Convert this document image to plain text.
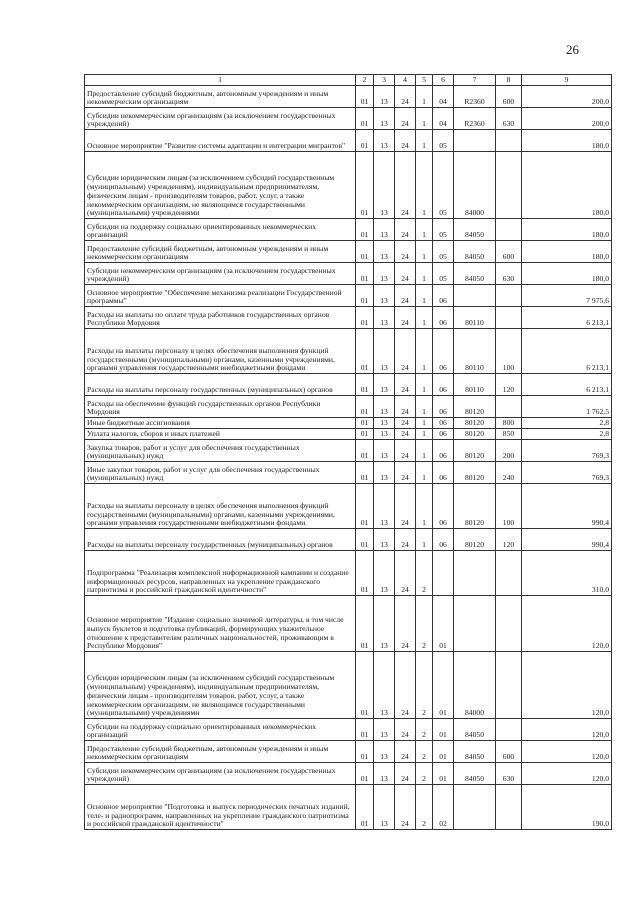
26
1	2	3	4	5	6	7	8	9
Предоставление субсидий бюджетным, автономным учреждениям и иным некоммерческим организациям	01	13	24	1	04	R2360	600	200,0
Субсидии некоммерческим организациям (за исключением государственных учреждений)	01	13	24	1	04	R2360	630	200,0
Основное мероприятие "Развитие системы адаптации и интеграции мигрантов"	01	13	24	1	05			180,0
Субсидии юридическим лицам (за исключением субсидий государственным (муниципальным) учреждениям), индивидуальным предпринимателям, физическим лицам - производителям товаров, работ, услуг, а также некоммерческим организациям, не являющимся государственными (муниципальными) учреждениями	01	13	24	1	05	84000		180,0
Субсидии на поддержку социально ориентированных некоммерческих организаций	01	13	24	1	05	84050		180,0
Предоставление субсидий бюджетным, автономным учреждениям и иным некоммерческим организациям	01	13	24	1	05	84050	600	180,0
Субсидии некоммерческим организациям (за исключением государственных учреждений)	01	13	24	1	05	84050	630	180,0
Основное мероприятие "Обеспечение механизма реализации Государственной программы"	01	13	24	1	06			7 975,6
Расходы на выплаты по оплате труда работников государственных органов Республики Мордовия	01	13	24	1	06	80110		6 213,1
Расходы на выплаты персоналу в целях обеспечения выполнения функций государственными (муниципальными) органами, казенными учреждениями, органами управления государственными внебюджетными фондами	01	13	24	1	06	80110	100	6 213,1
Расходы на выплаты персоналу государственных (муниципальных) органов	01	13	24	1	06	80110	120	6 213,1
Расходы на обеспечение функций государственных органов Республики Мордовия	01	13	24	1	06	80120		1 762,5
Иные бюджетные ассигнования	01	13	24	1	06	80120	800	2,8
Уплата налогов, сборов и иных платежей	01	13	24	1	06	80120	850	2,8
Закупка товаров, работ и услуг для обеспечения государственных (муниципальных) нужд	01	13	24	1	06	80120	200	769,3
Иные закупки товаров, работ и услуг для обеспечения государственных (муниципальных) нужд	01	13	24	1	06	80120	240	769,3
Расходы на выплаты персоналу в целях обеспечения выполнения функций государственными (муниципальными) органами, казенными учреждениями, органами управления государственными внебюджетными фондами	01	13	24	1	06	80120	100	990,4
Расходы на выплаты персоналу государственных (муниципальных) органов	01	13	24	1	06	80120	120	990,4
Подпрограмма "Реализация комплексной информационной кампании и создание информационных ресурсов, направленных на укрепление гражданского патриотизма и российской гражданской идентичности"	01	13	24	2				310,0
Основное мероприятие "Издание социально значимой литературы, в том числе выпуск буклетов и подготовка публикаций, формирующих уважительное отношение к представителям различных национальностей, проживающим в Республике Мордовия"	01	13	24	2	01			120,0
Субсидии юридическим лицам (за исключением субсидий государственным (муниципальным) учреждениям), индивидуальным предпринимателям, физическим лицам - производителям товаров, работ, услуг, а также некоммерческим организациям, не являющимся государственными (муниципальными) учреждениями	01	13	24	2	01	84000		120,0
Субсидии на поддержку социально ориентированных некоммерческих организаций	01	13	24	2	01	84050		120,0
Предоставление субсидий бюджетным, автономным учреждениям и иным некоммерческим организациям	01	13	24	2	01	84050	600	120,0
Субсидии некоммерческим организациям (за исключением государственных учреждений)	01	13	24	2	01	84050	630	120,0
Основное мероприятие "Подготовка и выпуск периодических печатных изданий, теле- и радиопрограмм, направленных на укрепление гражданского патриотизма и российской гражданской идентичности"	01	13	24	2	02			190,0
